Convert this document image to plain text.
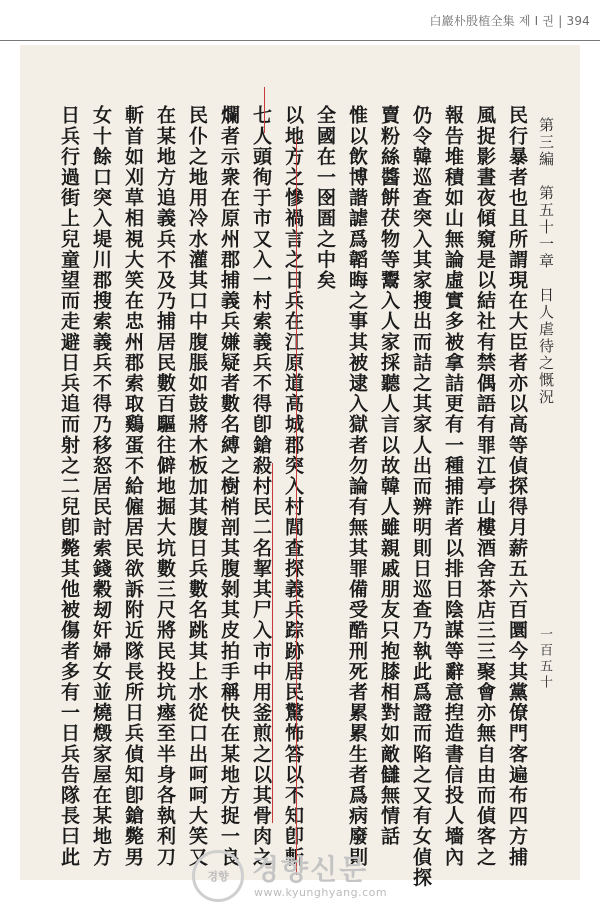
白巖朴殷植全集 제 Ⅰ 권 | 394
第三編　第五十一章　日人虐待之慨況
一百五十
民行暴者也且所謂現在大臣者亦以高等偵探得月薪五六百圜今其黨僚門客遍布四方捕
風捉影晝夜傾窺是以結社有禁偶語有罪江亭山樓酒舍茶店三三聚會亦無自由而偵客之
報告堆積如山無論虛實多被拿詰更有一種捕詐者以排日陰謀等辭意揑造書信投人墻內
仍令韓巡查突入其家搜出而詰之其家人出而辨明則日巡查乃執此爲證而陷之又有女偵探
賣粉絲醬餠茯物等鬻入人家採聽人言以故韓人雖親戚朋友只抱膝相對如敵讎無情話
惟以飲博諧謔爲韜晦之事其被逮入獄者勿論有無其罪備受酷刑死者累累生者爲病廢則
全國在一囹圄之中矣
以地方之慘禍言之日兵在江原道高城郡突入村閭查探義兵踪跡居民驚怖答以不知卽斬
七人頭徇于市又入一村索義兵不得卽鎗殺村民二名挈其尸入市中用釜煎之以其骨肉之
爛者示衆在原州郡捕義兵嫌疑者數名縛之樹梢剖其腹剝其皮拍手稱快在某地方捉一良
民仆之地用冷水灌其口中腹脹如鼓將木板加其腹日兵數名跳其上水從口出呵呵大笑又
在某地方追義兵不及乃捕居民數百驅往僻地掘大坑數三尺將民投坑瘞至半身各執利刀
斬首如刈草相視大笑在忠州郡索取鷄蛋不給僱居民欲訴附近隊長所日兵偵知卽鎗斃男
女十餘口突入堤川郡搜索義兵不得乃移怒居民討索錢穀刼奸婦女並燒燬家屋在某地方
日兵行過街上兒童望而走避日兵追而射之二兒卽斃其他被傷者多有一日兵告隊長曰此
경향 경향신문
www.kyunghyang.com
